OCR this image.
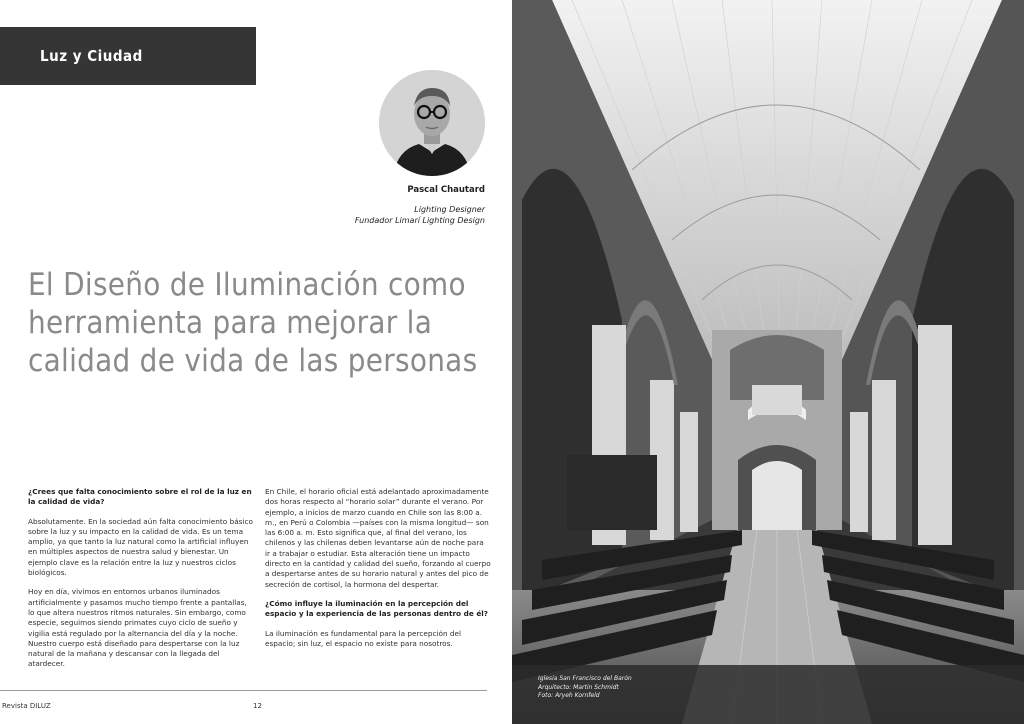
Luz y Ciudad
Pascal Chautard
Lighting Designer
Fundador Limarí Lighting Design
El Diseño de Iluminación como herramienta para mejorar la calidad de vida de las personas

¿Crees que falta conocimiento sobre el rol de la luz en la calidad de vida?

Absolutamente. En la sociedad aún falta conocimiento básico sobre la luz y su impacto en la calidad de vida. Es un tema amplio, ya que tanto la luz natural como la artificial influyen en múltiples aspectos de nuestra salud y bienestar. Un ejemplo clave es la relación entre la luz y nuestros ciclos biológicos.

Hoy en día, vivimos en entornos urbanos iluminados artificialmente y pasamos mucho tiempo frente a pantallas, lo que altera nuestros ritmos naturales. Sin embargo, como especie, seguimos siendo primates cuyo ciclo de sueño y vigilia está regulado por la alternancia del día y la noche. Nuestro cuerpo está diseñado para despertarse con la luz natural de la mañana y descansar con la llegada del atardecer.

En Chile, el horario oficial está adelantado aproximadamente dos horas respecto al “horario solar” durante el verano. Por ejemplo, a inicios de marzo cuando en Chile son las 8:00 a. m., en Perú o Colombia —países con la misma longitud— son las 6:00 a. m. Esto significa que, al final del verano, los chilenos y las chilenas deben levantarse aún de noche para ir a trabajar o estudiar. Esta alteración tiene un impacto directo en la cantidad y calidad del sueño, forzando al cuerpo a despertarse antes de su horario natural y antes del pico de secreción de cortisol, la hormona del despertar.

¿Cómo influye la iluminación en la percepción del espacio y la experiencia de las personas dentro de él?

La iluminación es fundamental para la percepción del espacio; sin luz, el espacio no existe para nosotros.

Revista DILUZ	12
Iglesia San Francisco del Barón
Arquitecto: Martin Schmidt
Foto: Aryeh Kornfeld
